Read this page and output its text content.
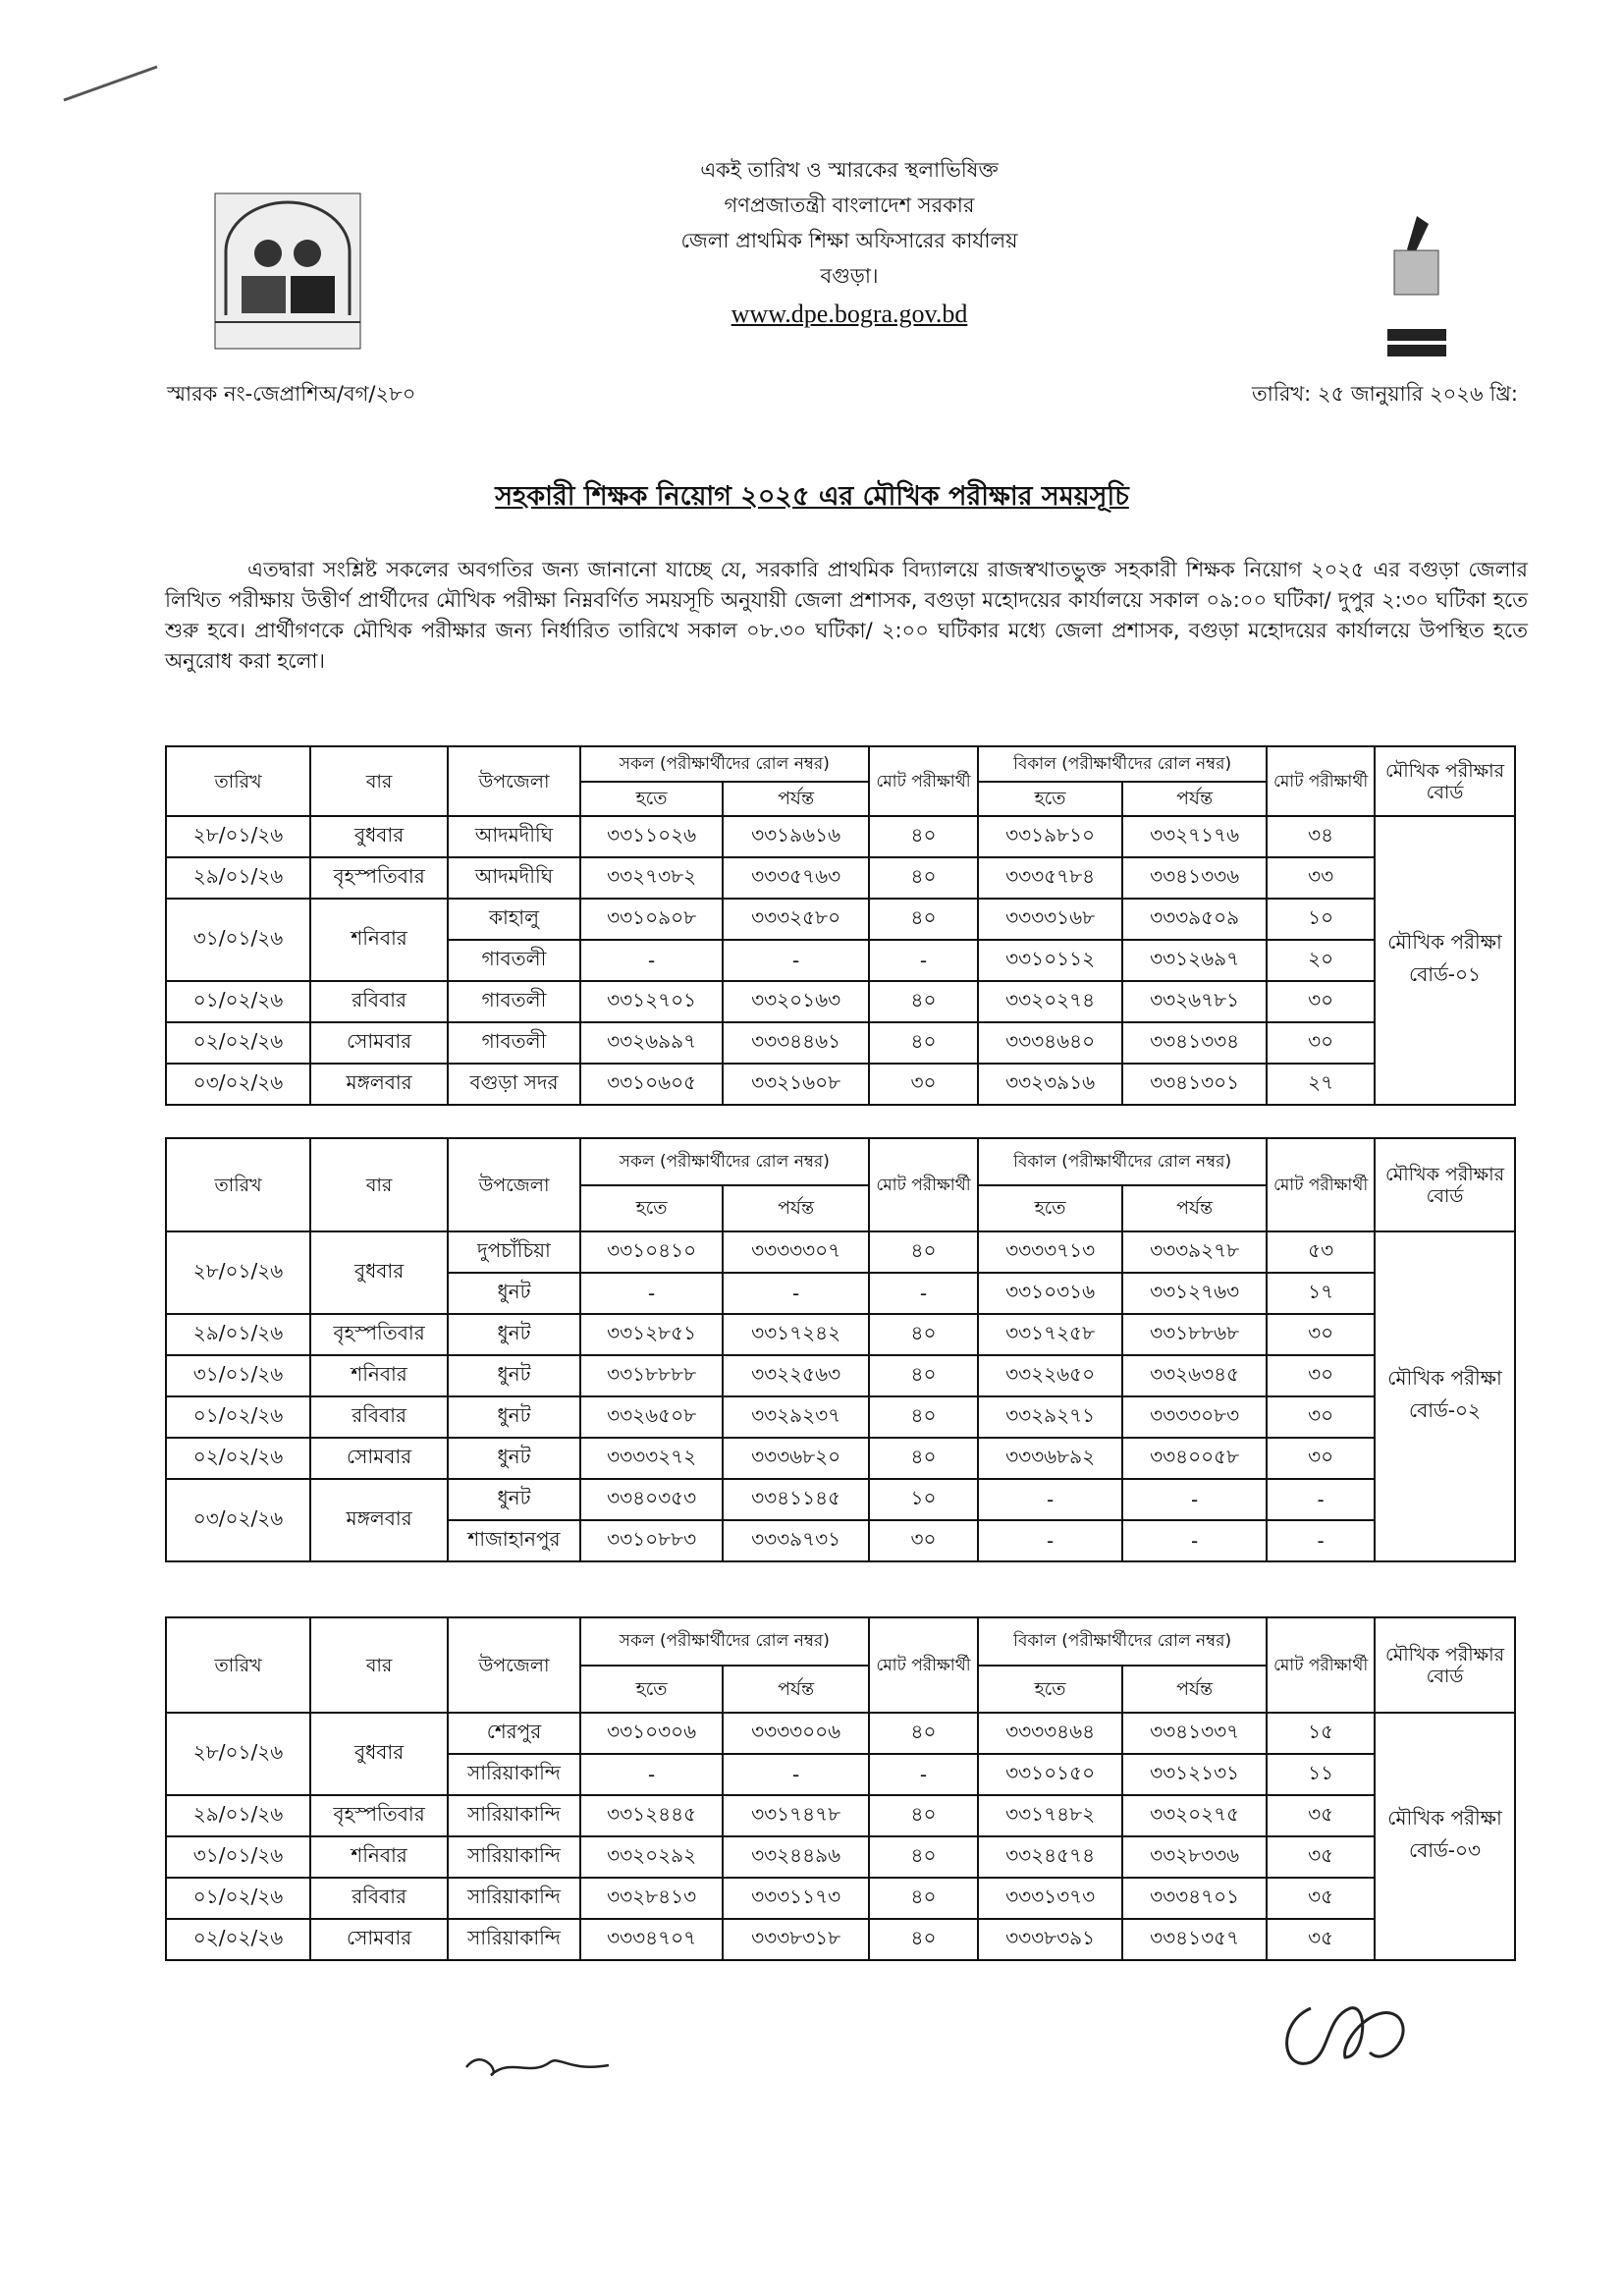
একই তারিখ ও স্মারকের স্থলাভিষিক্ত
গণপ্রজাতন্ত্রী বাংলাদেশ সরকার
জেলা প্রাথমিক শিক্ষা অফিসারের কার্যালয়
বগুড়া।
www.dpe.bogra.gov.bd
স্মারক নং-জেপ্রাশিঅ/বগ/২৮০	তারিখ: ২৫ জানুয়ারি ২০২৬ খ্রি:
সহকারী শিক্ষক নিয়োগ ২০২৫ এর মৌখিক পরীক্ষার সময়সূচি
এতদ্বারা সংশ্লিষ্ট সকলের অবগতির জন্য জানানো যাচ্ছে যে, সরকারি প্রাথমিক বিদ্যালয়ে রাজস্বখাতভুক্ত সহকারী শিক্ষক নিয়োগ ২০২৫ এর বগুড়া জেলার লিখিত পরীক্ষায় উত্তীর্ণ প্রার্থীদের মৌখিক পরীক্ষা নিম্নবর্ণিত সময়সূচি অনুযায়ী জেলা প্রশাসক, বগুড়া মহোদয়ের কার্যালয়ে সকাল ০৯:০০ ঘটিকা/ দুপুর ২:৩০ ঘটিকা হতে শুরু হবে। প্রার্থীগণকে মৌখিক পরীক্ষার জন্য নির্ধারিত তারিখে সকাল ০৮.৩০ ঘটিকা/ ২:০০ ঘটিকার মধ্যে জেলা প্রশাসক, বগুড়া মহোদয়ের কার্যালয়ে উপস্থিত হতে অনুরোধ করা হলো।
তারিখ	বার	উপজেলা	সকল (পরীক্ষার্থীদের রোল নম্বর)		মোট পরীক্ষার্থী	বিকাল (পরীক্ষার্থীদের রোল নম্বর)		মোট পরীক্ষার্থী	মৌখিক পরীক্ষার বোর্ড
			হতে	পর্যন্ত		হতে	পর্যন্ত		
২৮/০১/২৬	বুধবার	আদমদীঘি	৩৩১১০২৬	৩৩১৯৬১৬	৪০	৩৩১৯৮১০	৩৩২৭১৭৬	৩৪	মৌখিক পরীক্ষা বোর্ড-০১
২৯/০১/২৬	বৃহস্পতিবার	আদমদীঘি	৩৩২৭৩৮২	৩৩৩৫৭৬৩	৪০	৩৩৩৫৭৮৪	৩৩৪১৩৩৬	৩৩	
৩১/০১/২৬	শনিবার	কাহালু	৩৩১০৯০৮	৩৩৩২৫৮০	৪০	৩৩৩৩১৬৮	৩৩৩৯৫০৯	১০	
		গাবতলী	-	-	-	৩৩১০১১২	৩৩১২৬৯৭	২০	
০১/০২/২৬	রবিবার	গাবতলী	৩৩১২৭০১	৩৩২০১৬৩	৪০	৩৩২০২৭৪	৩৩২৬৭৮১	৩০	
০২/০২/২৬	সোমবার	গাবতলী	৩৩২৬৯৯৭	৩৩৩৪৪৬১	৪০	৩৩৩৪৬৪০	৩৩৪১৩৩৪	৩০	
০৩/০২/২৬	মঙ্গলবার	বগুড়া সদর	৩৩১০৬০৫	৩৩২১৬০৮	৩০	৩৩২৩৯১৬	৩৩৪১৩০১	২৭	
তারিখ	বার	উপজেলা	সকল (পরীক্ষার্থীদের রোল নম্বর)		মোট পরীক্ষার্থী	বিকাল (পরীক্ষার্থীদের রোল নম্বর)		মোট পরীক্ষার্থী	মৌখিক পরীক্ষার বোর্ড
			হতে	পর্যন্ত		হতে	পর্যন্ত		
২৮/০১/২৬	বুধবার	দুপচাঁচিয়া	৩৩১০৪১০	৩৩৩৩৩০৭	৪০	৩৩৩৩৭১৩	৩৩৩৯২৭৮	৫৩	মৌখিক পরীক্ষা বোর্ড-০২
		ধুনট	-	-	-	৩৩১০৩১৬	৩৩১২৭৬৩	১৭	
২৯/০১/২৬	বৃহস্পতিবার	ধুনট	৩৩১২৮৫১	৩৩১৭২৪২	৪০	৩৩১৭২৫৮	৩৩১৮৮৬৮	৩০	
৩১/০১/২৬	শনিবার	ধুনট	৩৩১৮৮৮৮	৩৩২২৫৬৩	৪০	৩৩২২৬৫০	৩৩২৬৩৪৫	৩০	
০১/০২/২৬	রবিবার	ধুনট	৩৩২৬৫০৮	৩৩২৯২৩৭	৪০	৩৩২৯২৭১	৩৩৩৩০৮৩	৩০	
০২/০২/২৬	সোমবার	ধুনট	৩৩৩৩২৭২	৩৩৩৬৮২০	৪০	৩৩৩৬৮৯২	৩৩৪০০৫৮	৩০	
০৩/০২/২৬	মঙ্গলবার	ধুনট	৩৩৪০৩৫৩	৩৩৪১১৪৫	১০	-	-	-	
		শাজাহানপুর	৩৩১০৮৮৩	৩৩৩৯৭৩১	৩০	-	-	-	
তারিখ	বার	উপজেলা	সকল (পরীক্ষার্থীদের রোল নম্বর)		মোট পরীক্ষার্থী	বিকাল (পরীক্ষার্থীদের রোল নম্বর)		মোট পরীক্ষার্থী	মৌখিক পরীক্ষার বোর্ড
			হতে	পর্যন্ত		হতে	পর্যন্ত		
২৮/০১/২৬	বুধবার	শেরপুর	৩৩১০৩০৬	৩৩৩৩০০৬	৪০	৩৩৩৩৪৬৪	৩৩৪১৩৩৭	১৫	মৌখিক পরীক্ষা বোর্ড-০৩
		সারিয়াকান্দি	-	-	-	৩৩১০১৫০	৩৩১২১৩১	১১	
২৯/০১/২৬	বৃহস্পতিবার	সারিয়াকান্দি	৩৩১২৪৪৫	৩৩১৭৪৭৮	৪০	৩৩১৭৪৮২	৩৩২০২৭৫	৩৫	
৩১/০১/২৬	শনিবার	সারিয়াকান্দি	৩৩২০২৯২	৩৩২৪৪৯৬	৪০	৩৩২৪৫৭৪	৩৩২৮৩৩৬	৩৫	
০১/০২/২৬	রবিবার	সারিয়াকান্দি	৩৩২৮৪১৩	৩৩৩১১৭৩	৪০	৩৩৩১৩৭৩	৩৩৩৪৭০১	৩৫	
০২/০২/২৬	সোমবার	সারিয়াকান্দি	৩৩৩৪৭০৭	৩৩৩৮৩১৮	৪০	৩৩৩৮৩৯১	৩৩৪১৩৫৭	৩৫	
